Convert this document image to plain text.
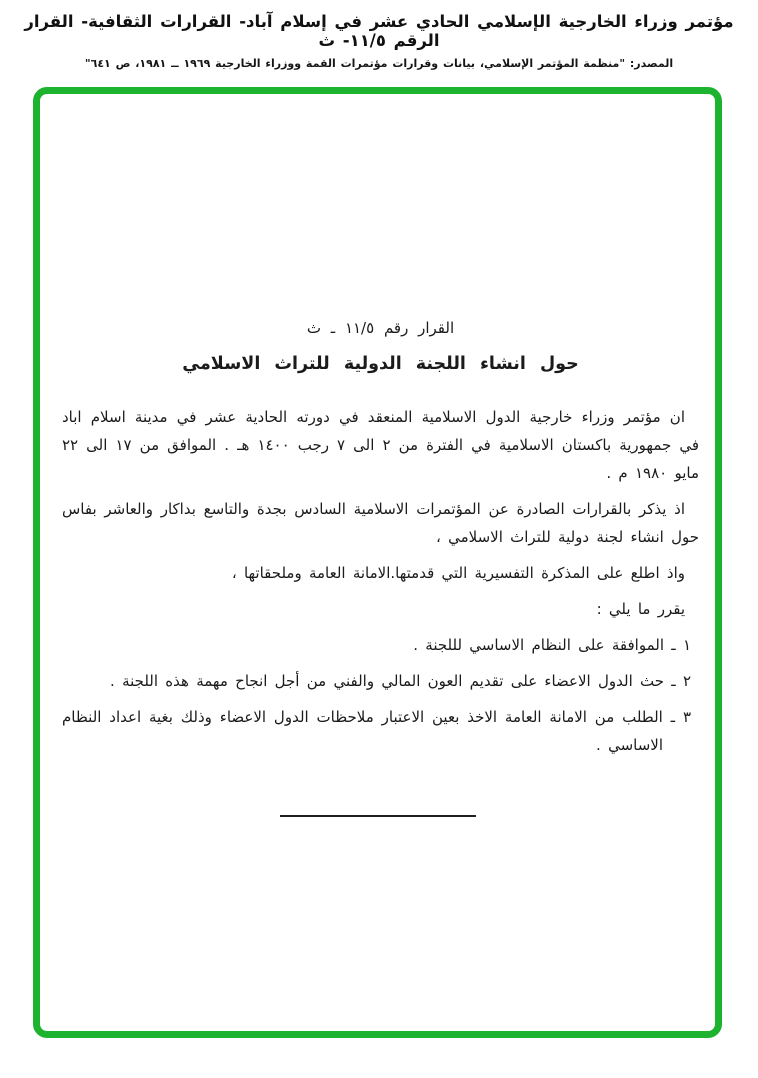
مؤتمر وزراء الخارجية الإسلامي الحادي عشر في إسلام آباد- القرارات الثقافية- القرار الرقم ١١/٥- ث
المصدر: "منظمة المؤتمر الإسلامي، بيانات وقرارات مؤتمرات القمة ووزراء الخارجية ١٩٦٩ ــ ١٩٨١، ص ٦٤١"
القرار رقم ١١/٥ ـ ث
حول انشاء اللجنة الدولية للتراث الاسلامي
ان مؤتمر وزراء خارجية الدول الاسلامية المنعقد في دورته الحادية عشر في مدينة اسلام اباد في جمهورية باكستان الاسلامية في الفترة من ٢ الى ٧ رجب ١٤٠٠ هـ . الموافق من ١٧ الى ٢٢ مايو ١٩٨٠ م .
اذ يذكر بالقرارات الصادرة عن المؤتمرات الاسلامية السادس بجدة والتاسع بداكار والعاشر بفاس حول انشاء لجنة دولية للتراث الاسلامي ،
واذ اطلع على المذكرة التفسيرية التي قدمتها.الامانة العامة وملحقاتها ،
يقرر ما يلي :
١ ـ الموافقة على النظام الاساسي لللجنة .
٢ ـ حث الدول الاعضاء على تقديم العون المالي والفني من أجل انجاح مهمة هذه اللجنة .
٣ ـ الطلب من الامانة العامة الاخذ بعين الاعتبار ملاحظات الدول الاعضاء وذلك بغية اعداد النظام الاساسي .
